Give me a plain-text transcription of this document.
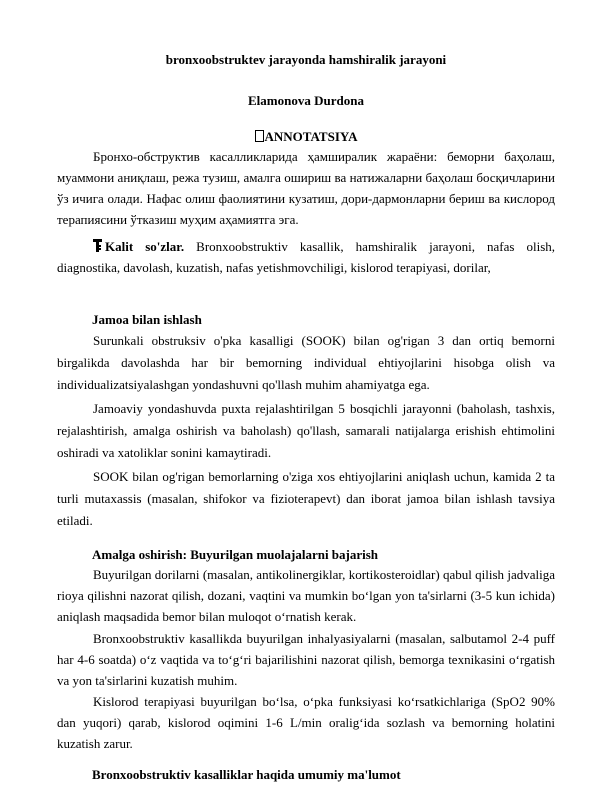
bronxoobstruktev jarayonda hamshiralik jarayoni
Elamonova Durdona
ANNOTATSIYA
Бронхо-обструктив касалликларида ҳамширалик жараёни: беморни баҳолаш, муаммони аниқлаш, режа тузиш, амалга ошириш ва натижаларни баҳолаш босқичларини ўз ичига олади. Нафас олиш фаолиятини кузатиш, дори-дармонларни бериш ва кислород терапиясини ўтказиш муҳим аҳамиятга эга.
Kalit so'zlar. Bronxoobstruktiv kasallik, hamshiralik jarayoni, nafas olish, diagnostika, davolash, kuzatish, nafas yetishmovchiligi, kislorod terapiyasi, dorilar,
Jamoa bilan ishlash
Surunkali obstruksiv o'pka kasalligi (SOOK) bilan og'rigan 3 dan ortiq bemorni birgalikda davolashda har bir bemorning individual ehtiyojlarini hisobga olish va individualizatsiyalashgan yondashuvni qo'llash muhim ahamiyatga ega.
Jamoaviy yondashuvda puxta rejalashtirilgan 5 bosqichli jarayonni (baholash, tashxis, rejalashtirish, amalga oshirish va baholash) qo'llash, samarali natijalarga erishish ehtimolini oshiradi va xatoliklar sonini kamaytiradi.
SOOK bilan og'rigan bemorlarning o'ziga xos ehtiyojlarini aniqlash uchun, kamida 2 ta turli mutaxassis (masalan, shifokor va fizioterapevt) dan iborat jamoa bilan ishlash tavsiya etiladi.
Amalga oshirish: Buyurilgan muolajalarni bajarish
Buyurilgan dorilarni (masalan, antikolinergiklar, kortikosteroidlar) qabul qilish jadvaliga rioya qilishni nazorat qilish, dozani, vaqtini va mumkin bo‘lgan yon ta'sirlarni (3-5 kun ichida) aniqlash maqsadida bemor bilan muloqot o‘rnatish kerak.
Bronxoobstruktiv kasallikda buyurilgan inhalyasiyalarni (masalan, salbutamol 2-4 puff har 4-6 soatda) o‘z vaqtida va to‘g‘ri bajarilishini nazorat qilish, bemorga texnikasini o‘rgatish va yon ta'sirlarini kuzatish muhim.
Kislorod terapiyasi buyurilgan bo‘lsa, o‘pka funksiyasi ko‘rsatkichlariga (SpO2 90% dan yuqori) qarab, kislorod oqimini 1-6 L/min oralig‘ida sozlash va bemorning holatini kuzatish zarur.
Bronxoobstruktiv kasalliklar haqida umumiy ma'lumot
